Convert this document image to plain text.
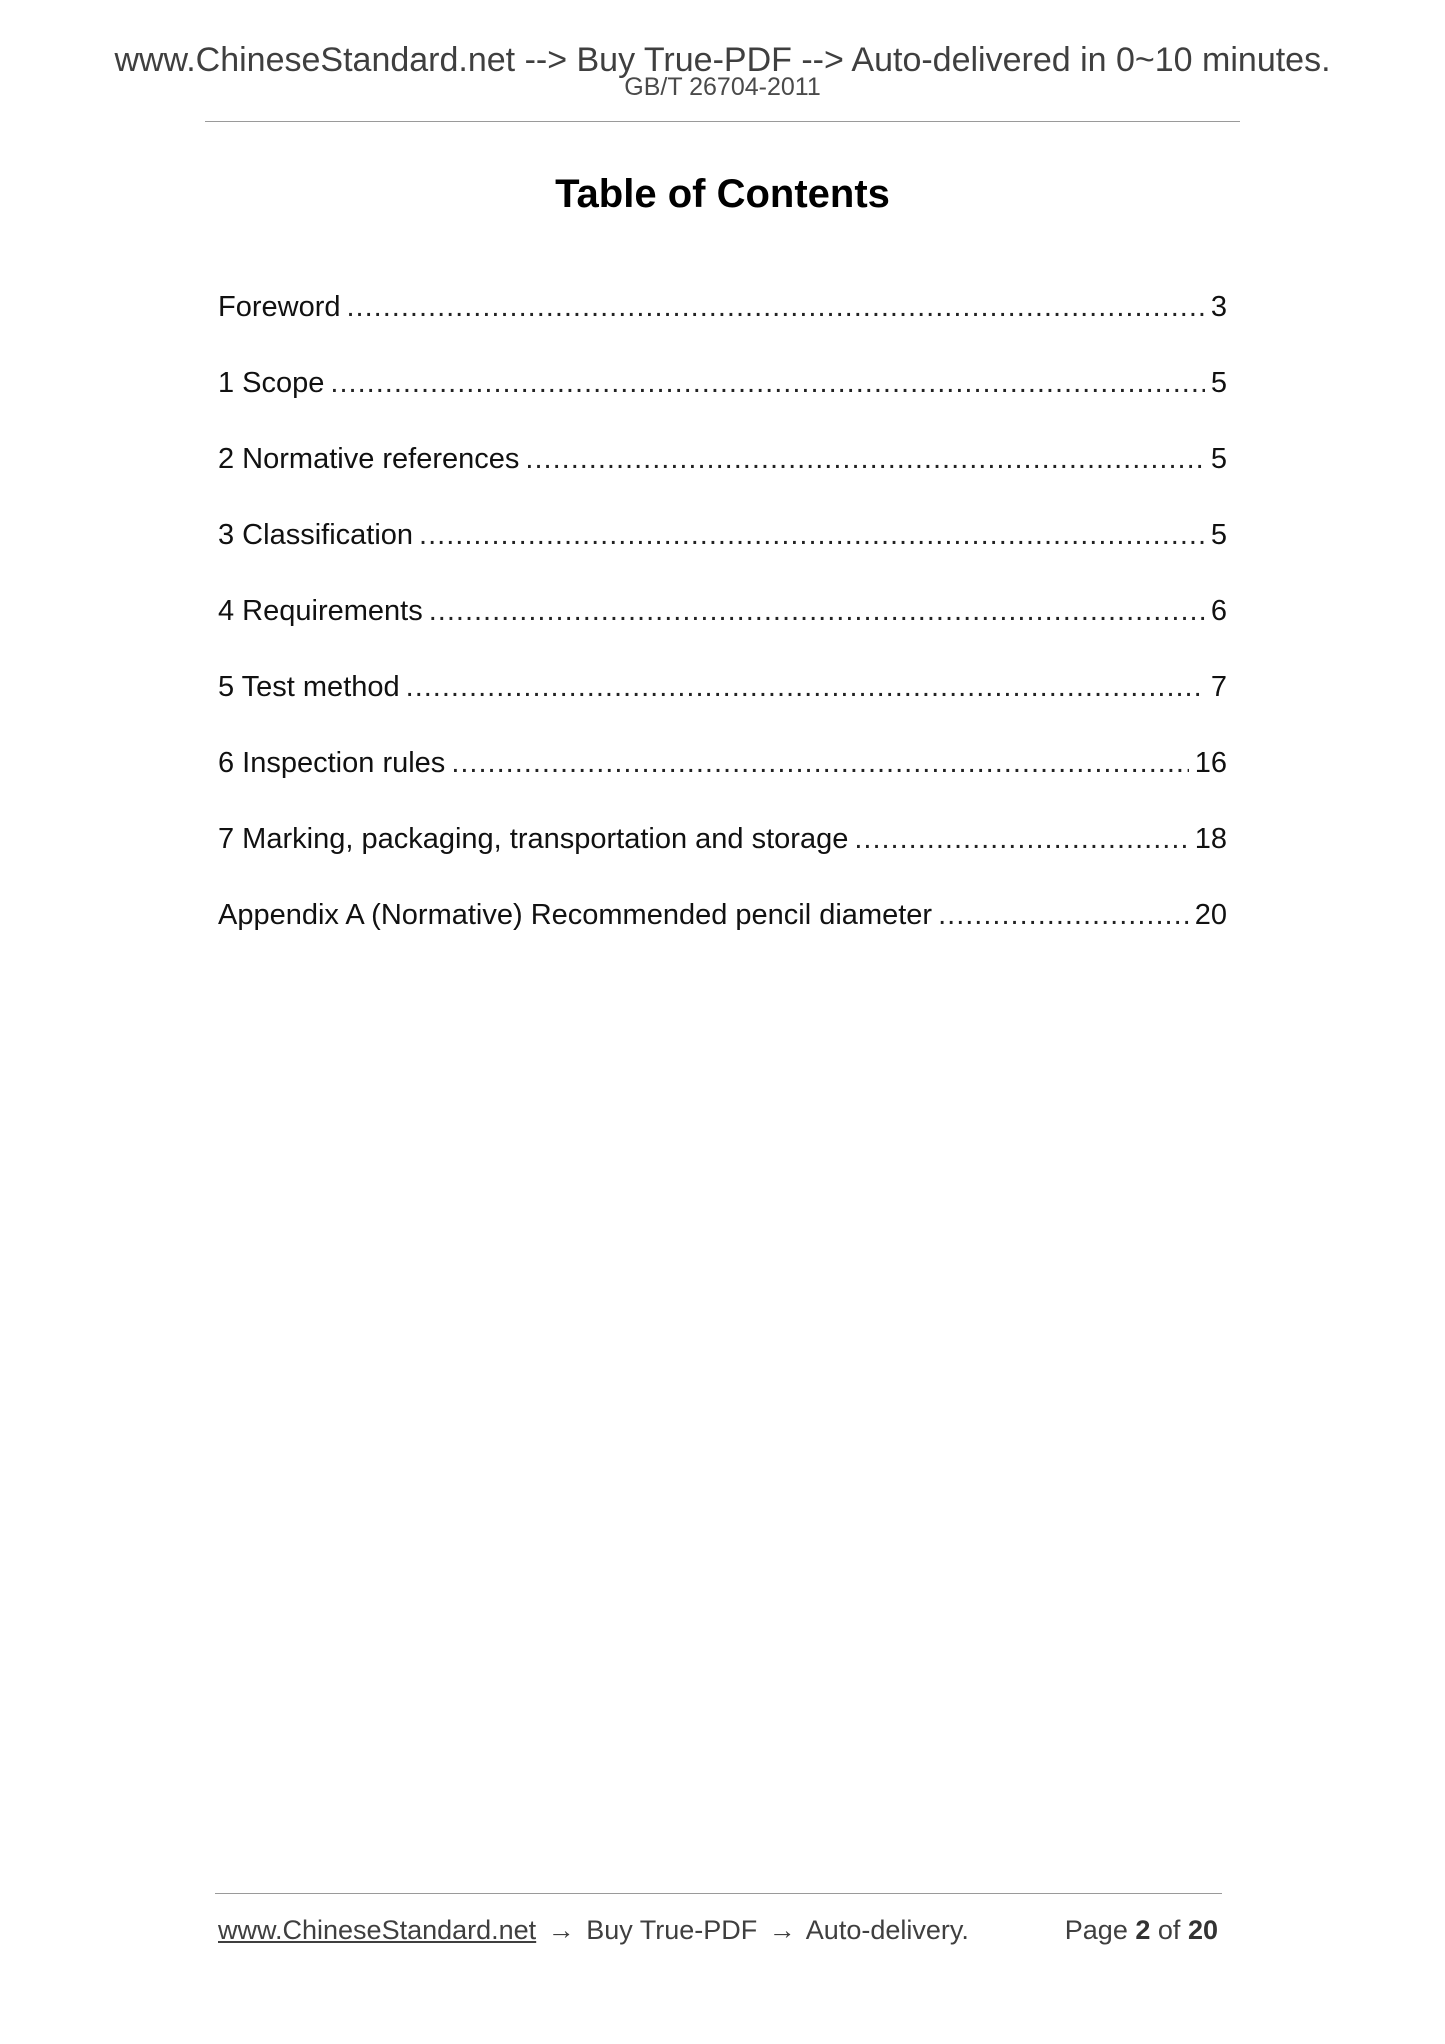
www.ChineseStandard.net --> Buy True-PDF --> Auto-delivered in 0~10 minutes.
GB/T 26704-2011
Table of Contents
Foreword .....	3
1 Scope .....	5
2 Normative references .....	5
3 Classification .....	5
4 Requirements .....	6
5 Test method .....	7
6 Inspection rules .....	16
7 Marking, packaging, transportation and storage .....	18
Appendix A (Normative) Recommended pencil diameter .....	20
www.ChineseStandard.net → Buy True-PDF → Auto-delivery.	Page 2 of 20
